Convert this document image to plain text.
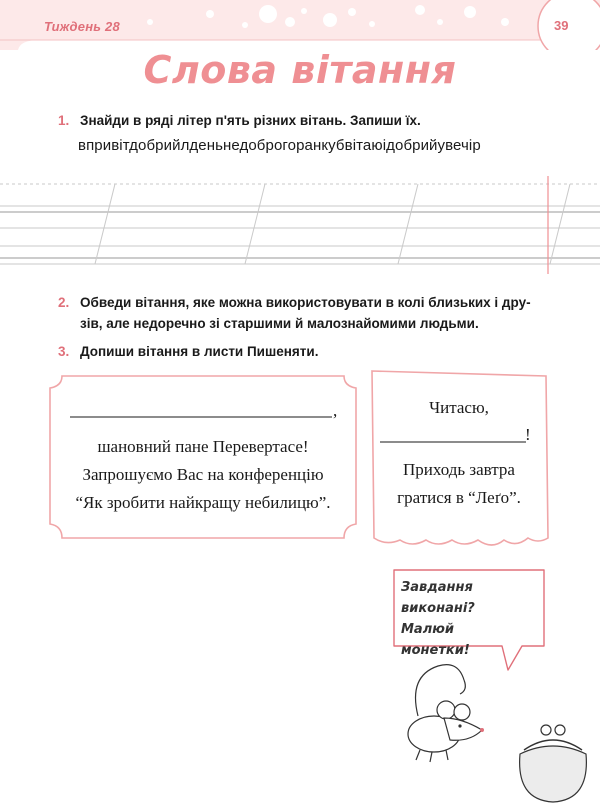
Тиждень 28	39
Слова вітання
1. Знайди в ряді літер п'ять різних вітань. Запиши їх.
впривітдобрийлденьнедоброгоранкубвітаюідобрийувечір
2. Обведи вітання, яке можна використовувати в колі близьких і дру-
зів, але недоречно зі старшими й малознайомими людьми.
3. Допиши вітання в листи Пишеняти.
,
шановний пане Перевертасе!
Запрошуємо Вас на конференцію
“Як зробити найкращу небилицю”.
Читасю,
!
Приходь завтра
гратися в “Леґо”.
Завдання
виконані? Малюй
монетки!
